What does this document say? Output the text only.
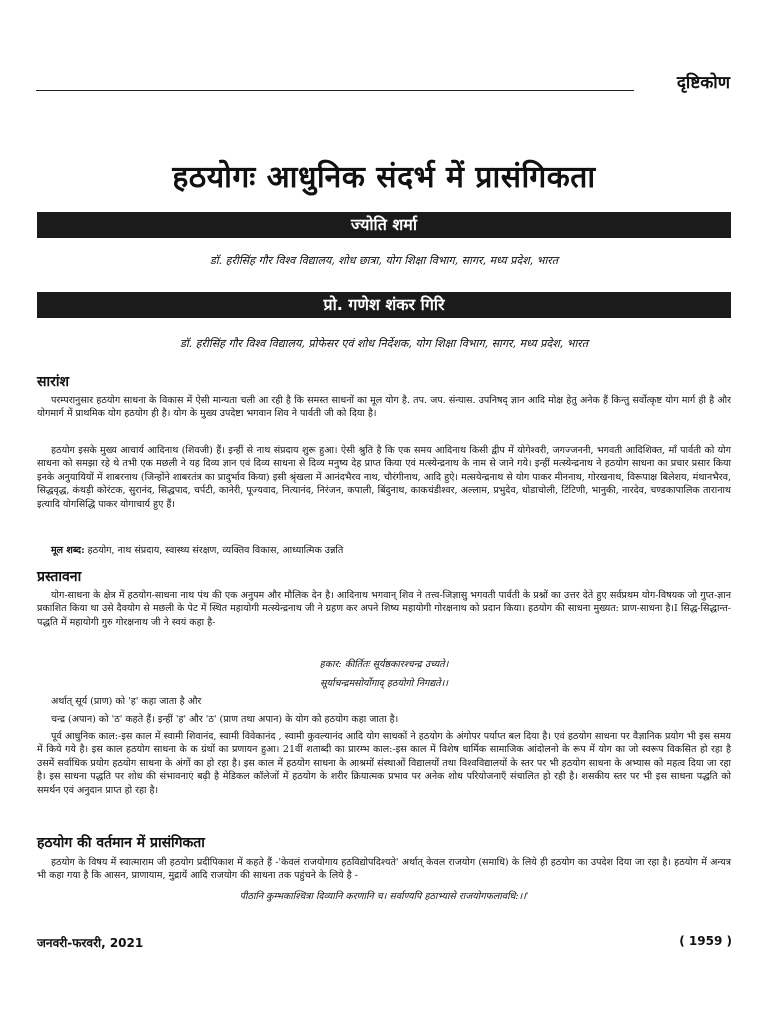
दृष्टिकोण
हठयोगः आधुनिक संदर्भ में प्रासंगिकता
ज्योति शर्मा
डॉ. हरीसिंह गौर विश्व विद्यालय, शोध छात्रा, योग शिक्षा विभाग, सागर, मध्य प्रदेश, भारत
प्रो. गणेश शंकर गिरि
डॉ. हरीसिंह गौर विश्व विद्यालय, प्रोफेसर एवं शोध निर्देशक, योग शिक्षा विभाग, सागर, मध्य प्रदेश, भारत
सारांश
परम्परानुसार हठयोग साधना के विकास में ऐसी मान्यता चली आ रही है कि समस्त साधनों का मूल योग है. तप. जप. संन्यास. उपनिषद् ज्ञान आदि मोक्ष हेतु अनेक हैं किन्तु सर्वोत्कृष्ट योग मार्ग ही है और योगमार्ग में प्राथमिक योग हठयोग ही है। योग के मुख्य उपदेष्टा भगवान शिव ने पार्वती जी को दिया है।
हठयोग इसके मुख्य आचार्य आदिनाथ (शिवजी) हैं। इन्हीं से नाथ संप्रदाय शुरू हुआ। ऐसी श्रुति है कि एक समय आदिनाथ किसी द्वीप में योगेश्वरी, जगज्जननी, भगवती आदिशिक्त, माँ पार्वती को योग साधना को समझा रहे थे तभी एक मछली ने यह दिव्य ज्ञान एवं दिव्य साधना से दिव्य मनुष्य देह प्राप्त किया एवं मत्स्येन्द्रनाथ के नाम से जाने गये। इन्हीं मत्स्येन्द्रनाथ ने हठयोग साधना का प्रचार प्रसार किया इनके अनुयायियों में शाबरनाथ (जिन्होंने शाबरतंत्र का प्रादुर्भाव किया) इसी श्रृंखला में आनंदभैरव नाथ, चौरंगीनाथ, आदि हुऐ। मत्सयेन्द्रनाथ से योग पाकर मीननाथ, गोरखनाथ, विरूपाक्ष बिलेशय, मंथानभैरव, सिद्धवृद्ध, कंथड़ी कोरंटक, सुरानंद, सिद्धपाद, चर्पटी, कानेरी, पूज्यवाद, नित्यानंद, निरंजन, कपाली, बिंदुनाथ, काकचंडीश्वर, अल्लाम, प्रभुदेव, धोडाचोली, टिंटिणी, भानुकी, नारदेव, चण्डकापालिक तारानाथ इत्यादि योगसिद्धि पाकर योगाचार्य हुए हैं।
मूल शब्द: हठयोग, नाथ संप्रदाय, स्वास्थ्य संरक्षण, व्यक्तिव विकास, आध्यात्मिक उन्नति
प्रस्तावना
योग-साधना के क्षेत्र में हठयोग-साधना नाथ पंथ की एक अनुपम और मौलिक देन है। आदिनाथ भगवान् शिव ने तत्त्व-जिज्ञासु भगवती पार्वती के प्रश्नों का उत्तर देते हुए सर्वप्रथम योग-विषयक जो गुप्त-ज्ञान प्रकाशित किया था उसे दैवयोग से मछली के पेट में स्थित महायोगी मत्स्येन्द्रनाथ जी ने ग्रहण कर अपने शिष्य महायोगी गोरक्षनाथ को प्रदान किया। हठयोग की साधना मुख्यत: प्राण-साधना है।I सिद्ध-सिद्धान्त-पद्धति में महायोगी गुरु गोरक्षनाथ जी ने स्वयं कहा है-
हकार: कीर्तितः सूर्यष्ठकारश्चन्द्र उच्यते।
सूर्याचन्द्रमसोर्योगाद् हठयोगो निगद्यते।।
अर्थात् सूर्य (प्राण) को 'ह' कहा जाता है और
चन्द्र (अपान) को 'ठ' कहते हैं। इन्हीं 'ह' और 'ठ' (प्राण तथा अपान) के योग को हठयोग कहा जाता है।
पूर्व आधुनिक काल:-इस काल में स्वामी शिवानंद, स्वामी विवेकानंद , स्वामी कुवल्यानंद आदि योग साधकों ने हठयोग के अंगोपर पर्याप्त बल दिया है। एवं हठयोग साधना पर वैज्ञानिक प्रयोग भी इस समय में किये गये है। इस काल हठयोग साधना के क ग्रंथों का प्रणायन हुआ। 21वीं शताब्दी का प्रारम्भ काल:-इस काल में विशेष धार्मिक सामाजिक आंदोलनो के रूप में योग का जो स्वरूप विकसित हो रहा है उसमें सर्वाधिक प्रयोग हठयोग साधना के अंगों का हो रहा है। इस काल में हठयोग साधना के आश्रमों संस्थाओं विद्यालयों तथा विश्वविद्यालयों के स्तर पर भी हठयोग साधना के अभ्यास को महत्व दिया जा रहा है। इस साधना पद्धति पर शोध की संभावनाएं बढ़ी है मेडिकल कॉलेजों में हठयोग के शरीर क्रियात्मक प्रभाव पर अनेक शोध परियोजनाएँ संचालित हो रही है। शसकीय स्तर पर भी इस साधना पद्धति को समर्थन एवं अनुदान प्राप्त हो रहा है।
हठयोग की वर्तमान में प्रासंगिकता
हठयोग के विषय में स्वात्माराम जी हठयोग प्रदीपिकाश में कहते हैं -'केवलं राजयोगाय हठविद्योपदिश्यते' अर्थात् केवल राजयोग (समाधि) के लिये ही हठयोग का उपदेश दिया जा रहा है। हठयोग में अन्यत्र भी कहा गया है कि आसन, प्राणायाम, मुद्रायें आदि राजयोग की साधना तक पहुंचने के लिये है -
पीठानि कुम्भकाश्चित्रा दिव्यानि करणानि च। सर्वाण्यपि हठाभ्यासे राजयोगफलावधि:।।'
जनवरी-फरवरी, 2021	( 1959 )
